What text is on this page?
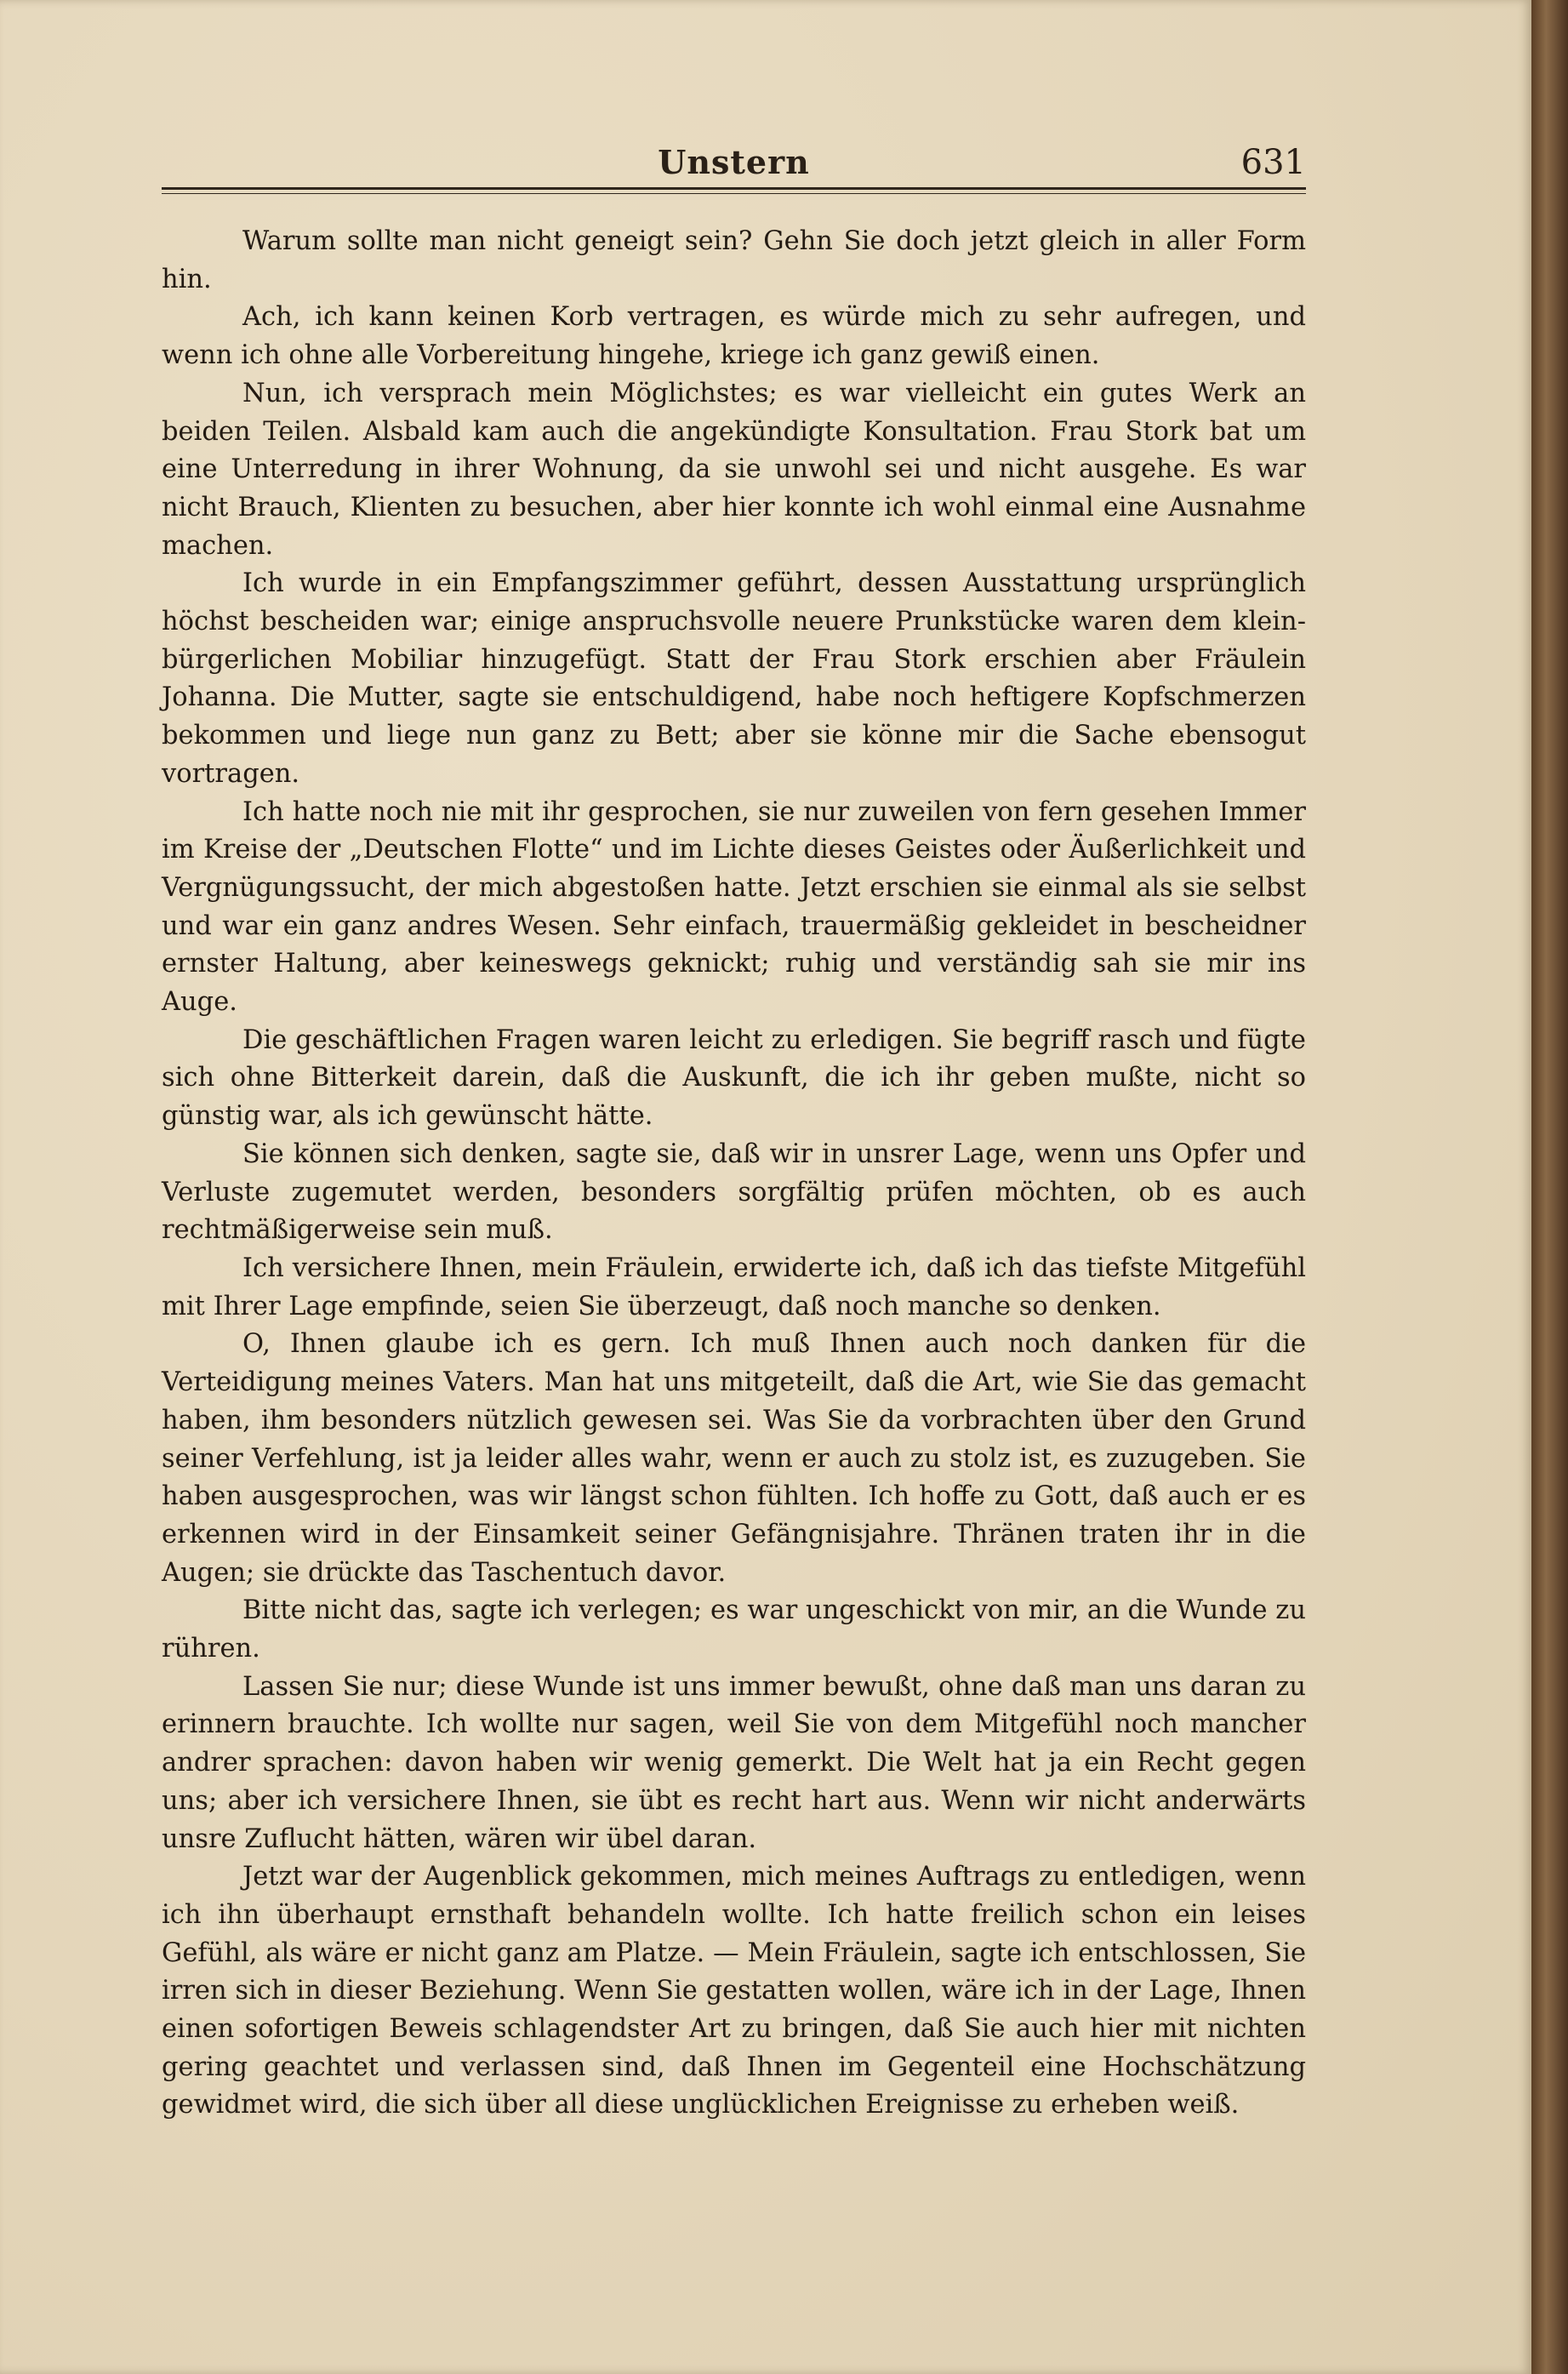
Unstern	631

Warum sollte man nicht geneigt sein? Gehn Sie doch jetzt gleich in aller Form hin.

Ach, ich kann keinen Korb vertragen, es würde mich zu sehr aufregen, und wenn ich ohne alle Vorbereitung hingehe, kriege ich ganz gewiß einen.

Nun, ich versprach mein Möglichstes; es war vielleicht ein gutes Werk an beiden Teilen. Alsbald kam auch die angekündigte Konsultation. Frau Stork bat um eine Unterredung in ihrer Wohnung, da sie unwohl sei und nicht ausgehe. Es war nicht Brauch, Klienten zu besuchen, aber hier konnte ich wohl einmal eine Ausnahme machen.

Ich wurde in ein Empfangszimmer geführt, dessen Ausstattung ursprünglich höchst bescheiden war; einige anspruchsvolle neuere Prunkstücke waren dem kleinbürgerlichen Mobiliar hinzugefügt. Statt der Frau Stork erschien aber Fräulein Johanna. Die Mutter, sagte sie entschuldigend, habe noch heftigere Kopfschmerzen bekommen und liege nun ganz zu Bett; aber sie könne mir die Sache ebensogut vortragen.

Ich hatte noch nie mit ihr gesprochen, sie nur zuweilen von fern gesehen Immer im Kreise der „Deutschen Flotte“ und im Lichte dieses Geistes oder Äußerlichkeit und Vergnügungssucht, der mich abgestoßen hatte. Jetzt erschien sie einmal als sie selbst und war ein ganz andres Wesen. Sehr einfach, trauermäßig gekleidet in bescheidner ernster Haltung, aber keineswegs geknickt; ruhig und verständig sah sie mir ins Auge.

Die geschäftlichen Fragen waren leicht zu erledigen. Sie begriff rasch und fügte sich ohne Bitterkeit darein, daß die Auskunft, die ich ihr geben mußte, nicht so günstig war, als ich gewünscht hätte.

Sie können sich denken, sagte sie, daß wir in unsrer Lage, wenn uns Opfer und Verluste zugemutet werden, besonders sorgfältig prüfen möchten, ob es auch rechtmäßigerweise sein muß.

Ich versichere Ihnen, mein Fräulein, erwiderte ich, daß ich das tiefste Mitgefühl mit Ihrer Lage empfinde, seien Sie überzeugt, daß noch manche so denken.

O, Ihnen glaube ich es gern. Ich muß Ihnen auch noch danken für die Verteidigung meines Vaters. Man hat uns mitgeteilt, daß die Art, wie Sie das gemacht haben, ihm besonders nützlich gewesen sei. Was Sie da vorbrachten über den Grund seiner Verfehlung, ist ja leider alles wahr, wenn er auch zu stolz ist, es zuzugeben. Sie haben ausgesprochen, was wir längst schon fühlten. Ich hoffe zu Gott, daß auch er es erkennen wird in der Einsamkeit seiner Gefängnisjahre. Thränen traten ihr in die Augen; sie drückte das Taschentuch davor.

Bitte nicht das, sagte ich verlegen; es war ungeschickt von mir, an die Wunde zu rühren.

Lassen Sie nur; diese Wunde ist uns immer bewußt, ohne daß man uns daran zu erinnern brauchte. Ich wollte nur sagen, weil Sie von dem Mitgefühl noch mancher andrer sprachen: davon haben wir wenig gemerkt. Die Welt hat ja ein Recht gegen uns; aber ich versichere Ihnen, sie übt es recht hart aus. Wenn wir nicht anderwärts unsre Zuflucht hätten, wären wir übel daran.

Jetzt war der Augenblick gekommen, mich meines Auftrags zu entledigen, wenn ich ihn überhaupt ernsthaft behandeln wollte. Ich hatte freilich schon ein leises Gefühl, als wäre er nicht ganz am Platze. — Mein Fräulein, sagte ich entschlossen, Sie irren sich in dieser Beziehung. Wenn Sie gestatten wollen, wäre ich in der Lage, Ihnen einen sofortigen Beweis schlagendster Art zu bringen, daß Sie auch hier mit nichten gering geachtet und verlassen sind, daß Ihnen im Gegenteil eine Hochschätzung gewidmet wird, die sich über all diese unglücklichen Ereignisse zu erheben weiß.
